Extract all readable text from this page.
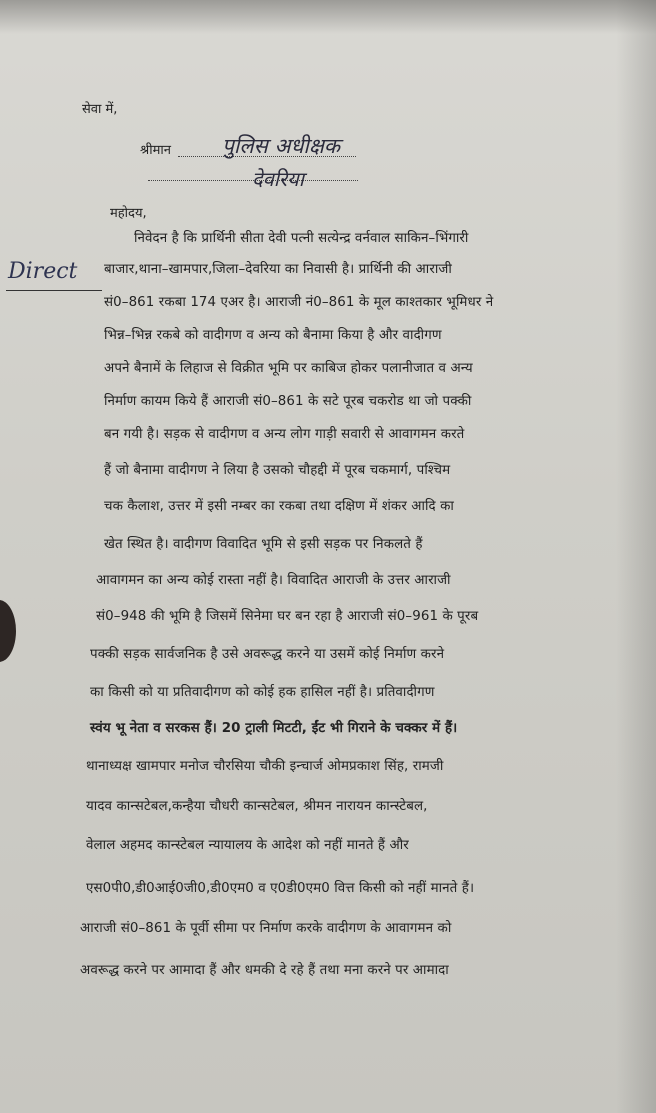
सेवा में,
श्रीमान पुलिस अधीक्षक
देवरिया
महोदय,
Direct
निवेदन है कि प्रार्थिनी सीता देवी पत्नी सत्येन्द्र वर्नवाल साकिन–भिंगारी
बाजार,थाना–खामपार,जिला–देवरिया का निवासी है। प्रार्थिनी की आराजी
सं0–861 रकबा 174 एअर है। आराजी नं0–861 के मूल काश्तकार भूमिधर ने
भिन्न–भिन्न रकबे को वादीगण व अन्य को बैनामा किया है और वादीगण
अपने बैनामें के लिहाज से विक्रीत भूमि पर काबिज होकर पलानीजात व अन्य
निर्माण कायम किये हैं आराजी सं0–861 के सटे पूरब चकरोड था जो पक्की
बन गयी है। सड़क से वादीगण व अन्य लोग गाड़ी सवारी से आवागमन करते
हैं जो बैनामा वादीगण ने लिया है उसको चौहद्दी में पूरब चकमार्ग, पश्चिम
चक कैलाश, उत्तर में इसी नम्बर का रकबा तथा दक्षिण में शंकर आदि का
खेत स्थित है। वादीगण विवादित भूमि से इसी सड़क पर निकलते हैं
आवागमन का अन्य कोई रास्ता नहीं है। विवादित आराजी के उत्तर आराजी
सं0–948 की भूमि है जिसमें सिनेमा घर बन रहा है आराजी सं0–961 के पूरब
पक्की सड़क सार्वजनिक है उसे अवरूद्ध करने या उसमें कोई निर्माण करने
का किसी को या प्रतिवादीगण को कोई हक हासिल नहीं है। प्रतिवादीगण
स्वंय भू नेता व सरकस हैं। 20 ट्राली मिटटी, ईंट भी गिराने के चक्कर में हैं।
थानाध्यक्ष खामपार मनोज चौरसिया चौकी इन्चार्ज ओमप्रकाश सिंह, रामजी
यादव कान्सटेबल,कन्हैया चौधरी कान्सटेबल, श्रीमन नारायन कान्स्टेबल,
वेलाल अहमद कान्स्टेबल न्यायालय के आदेश को नहीं मानते हैं और
एस0पी0,डी0आई0जी0,डी0एम0 व ए0डी0एम0 वित्त किसी को नहीं मानते हैं।
आराजी सं0–861 के पूर्वी सीमा पर निर्माण करके वादीगण के आवागमन को
अवरूद्ध करने पर आमादा हैं और धमकी दे रहे हैं तथा मना करने पर आमादा
